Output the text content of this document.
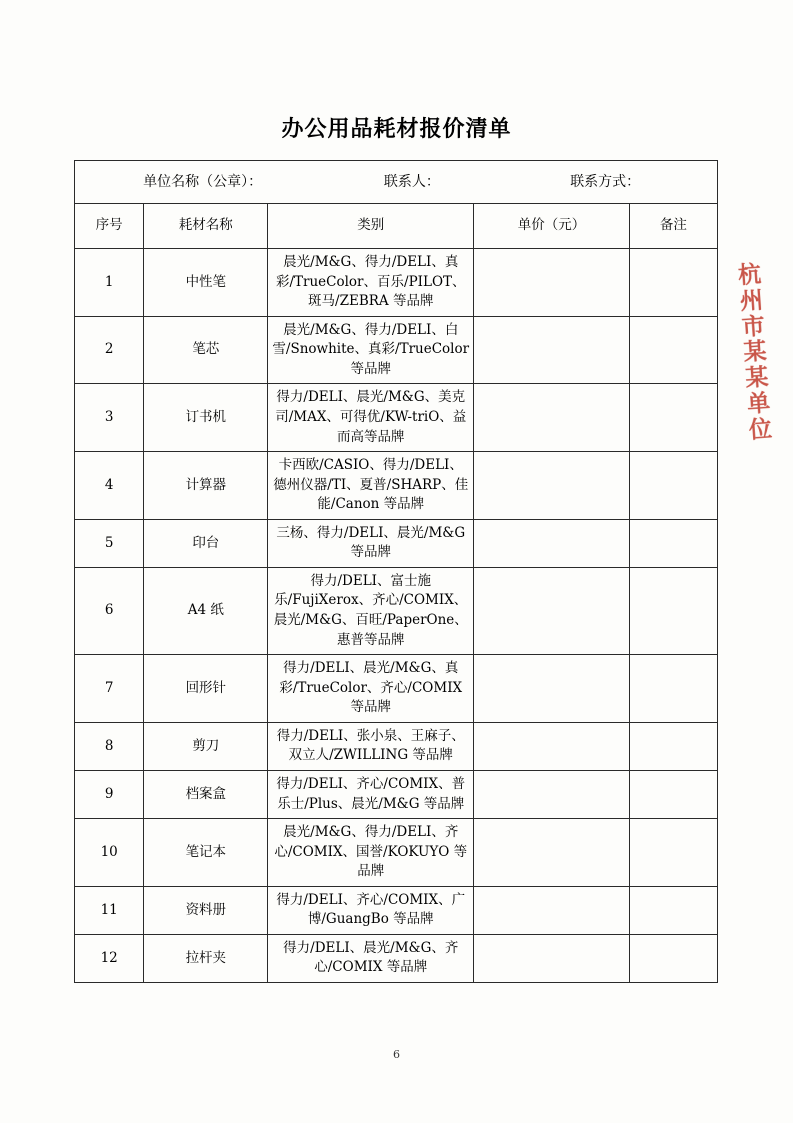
办公用品耗材报价清单
单位名称（公章）： 联系人： 联系方式：				

序号	耗材名称	类别	单价（元）	备注
1	中性笔	晨光/M&G、得力/DELI、真彩/TrueColor、百乐/PILOT、斑马/ZEBRA 等品牌		
2	笔芯	晨光/M&G、得力/DELI、白雪/Snowhite、真彩/TrueColor 等品牌		
3	订书机	得力/DELI、晨光/M&G、美克司/MAX、可得优/KW-triO、益而高等品牌		
4	计算器	卡西欧/CASIO、得力/DELI、德州仪器/TI、夏普/SHARP、佳能/Canon 等品牌		
5	印台	三杨、得力/DELI、晨光/M&G 等品牌		
6	A4 纸	得力/DELI、富士施乐/FujiXerox、齐心/COMIX、晨光/M&G、百旺/PaperOne、惠普等品牌		
7	回形针	得力/DELI、晨光/M&G、真彩/TrueColor、齐心/COMIX 等品牌		
8	剪刀	得力/DELI、张小泉、王麻子、双立人/ZWILLING 等品牌		
9	档案盒	得力/DELI、齐心/COMIX、普乐士/Plus、晨光/M&G 等品牌		
10	笔记本	晨光/M&G、得力/DELI、齐心/COMIX、国誉/KOKUYO 等品牌		
11	资料册	得力/DELI、齐心/COMIX、广博/GuangBo 等品牌		
12	拉杆夹	得力/DELI、晨光/M&G、齐心/COMIX 等品牌		
杭州市某某单位
6
